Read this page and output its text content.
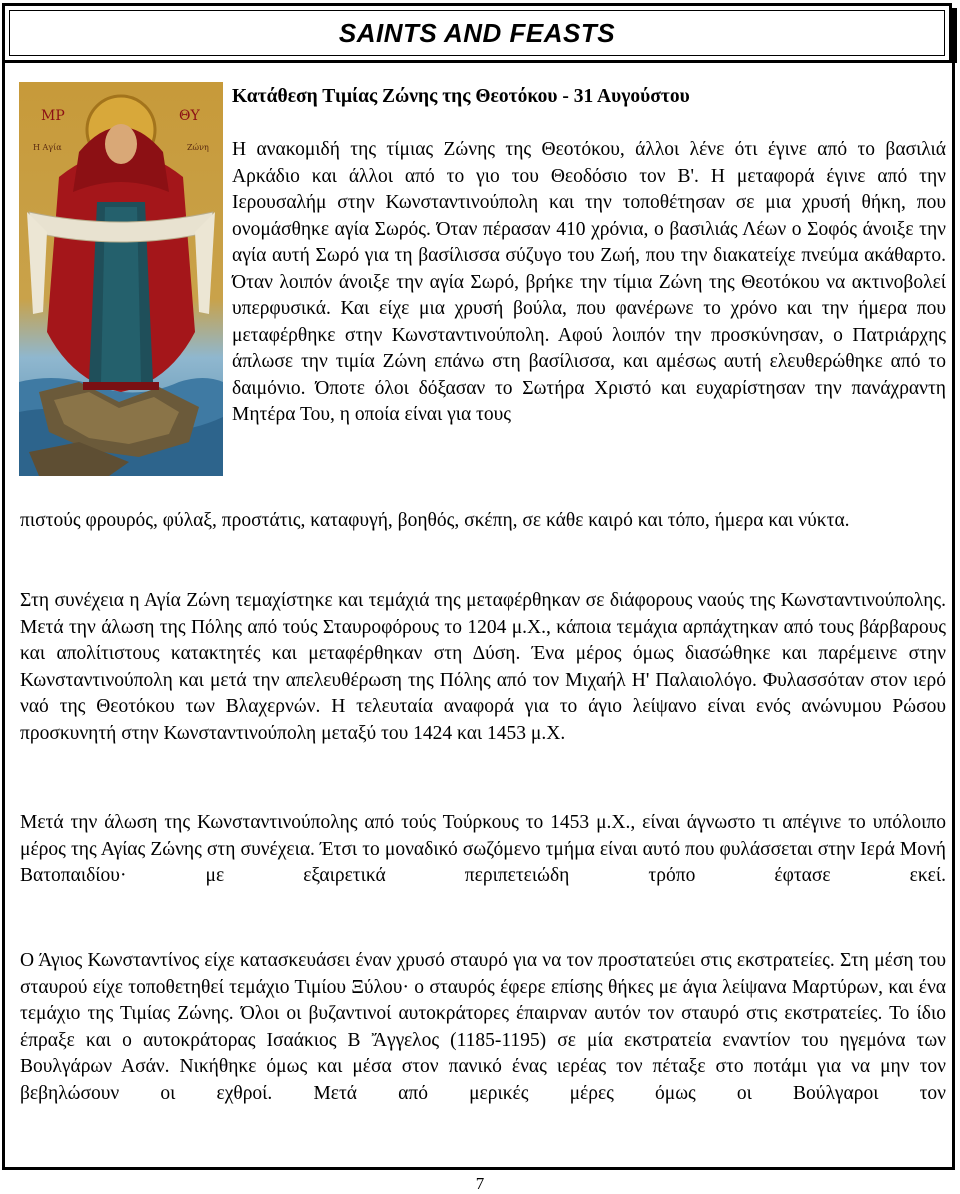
SAINTS AND FEASTS
ΜΡ	ΘΥ
Η Αγία	Ζώνη
Κατάθεση Τιμίας Ζώνης της Θεοτόκου - 31 Αυγούστου

Η ανακομιδή της τίμιας Ζώνης της Θεοτόκου, άλλοι λένε ότι έγινε από το βασιλιά Αρκάδιο και άλλοι από το γιο του Θεοδόσιο τον Β'. Η μεταφορά έγινε από την Ιερουσαλήμ στην Κωνσταντινούπολη και την τοποθέτησαν σε μια χρυσή θήκη, που ονομάσθηκε αγία Σωρός. Όταν πέρασαν 410 χρόνια, ο βασιλιάς Λέων ο Σοφός άνοιξε την αγία αυτή Σωρό για τη βασίλισσα σύζυγο του Ζωή, που την διακατείχε πνεύμα ακάθαρτο. Όταν λοιπόν άνοιξε την αγία Σωρό, βρήκε την τίμια Ζώνη της Θεοτόκου να ακτινοβολεί υπερφυσικά. Και είχε μια χρυσή βούλα, που φανέρωνε το χρόνο και την ήμερα που μεταφέρθηκε στην Κωνσταντινούπολη. Αφού λοιπόν την προσκύνησαν, ο Πατριάρχης άπλωσε την τιμία Ζώνη επάνω στη βασίλισσα, και αμέσως αυτή ελευθερώθηκε από το δαιμόνιο. Όποτε όλοι δόξασαν το Σωτήρα Χριστό και ευχαρίστησαν την πανάχραντη Μητέρα Του, η οποία είναι για τους

πιστούς φρουρός, φύλαξ, προστάτις, καταφυγή, βοηθός, σκέπη, σε κάθε καιρό και τόπο, ήμερα και νύκτα.

Στη συνέχεια η Αγία Ζώνη τεμαχίστηκε και τεμάχιά της μεταφέρθηκαν σε διάφορους ναούς της Κωνσταντινούπολης. Μετά την άλωση της Πόλης από τούς Σταυροφόρους το 1204 μ.Χ., κάποια τεμάχια αρπάχτηκαν από τους βάρβαρους και απολίτιστους κατακτητές και μεταφέρθηκαν στη Δύση. Ένα μέρος όμως διασώθηκε και παρέμεινε στην Κωνσταντινούπολη και μετά την απελευθέρωση της Πόλης από τον Μιχαήλ Η' Παλαιολόγο. Φυλασσόταν στον ιερό ναό της Θεοτόκου των Βλαχερνών. Η τελευταία αναφορά για το άγιο λείψανο είναι ενός ανώνυμου Ρώσου προσκυνητή στην Κωνσταντινούπολη μεταξύ του 1424 και 1453 μ.Χ.

Μετά την άλωση της Κωνσταντινούπολης από τούς Τούρκους το 1453 μ.Χ., είναι άγνωστο τι απέγινε το υπόλοιπο μέρος της Αγίας Ζώνης στη συνέχεια. Έτσι το μοναδικό σωζόμενο τμήμα είναι αυτό που φυλάσσεται στην Ιερά Μονή Βατοπαιδίου· με εξαιρετικά περιπετειώδη τρόπο έφτασε εκεί.

Ο Άγιος Κωνσταντίνος είχε κατασκευάσει έναν χρυσό σταυρό για να τον προστατεύει στις εκστρατείες. Στη μέση του σταυρού είχε τοποθετηθεί τεμάχιο Τιμίου Ξύλου· ο σταυρός έφερε επίσης θήκες με άγια λείψανα Μαρτύρων, και ένα τεμάχιο της Τιμίας Ζώνης. Όλοι οι βυζαντινοί αυτοκράτορες έπαιρναν αυτόν τον σταυρό στις εκστρατείες. Το ίδιο έπραξε και ο αυτοκράτορας Ισαάκιος Β Ἄγγελος (1185-1195) σε μία εκστρατεία εναντίον του ηγεμόνα των Βουλγάρων Ασάν. Νικήθηκε όμως και μέσα στον πανικό ένας ιερέας τον πέταξε στο ποτάμι για να μην τον βεβηλώσουν οι εχθροί. Μετά από μερικές μέρες όμως οι Βούλγαροι τον

7
